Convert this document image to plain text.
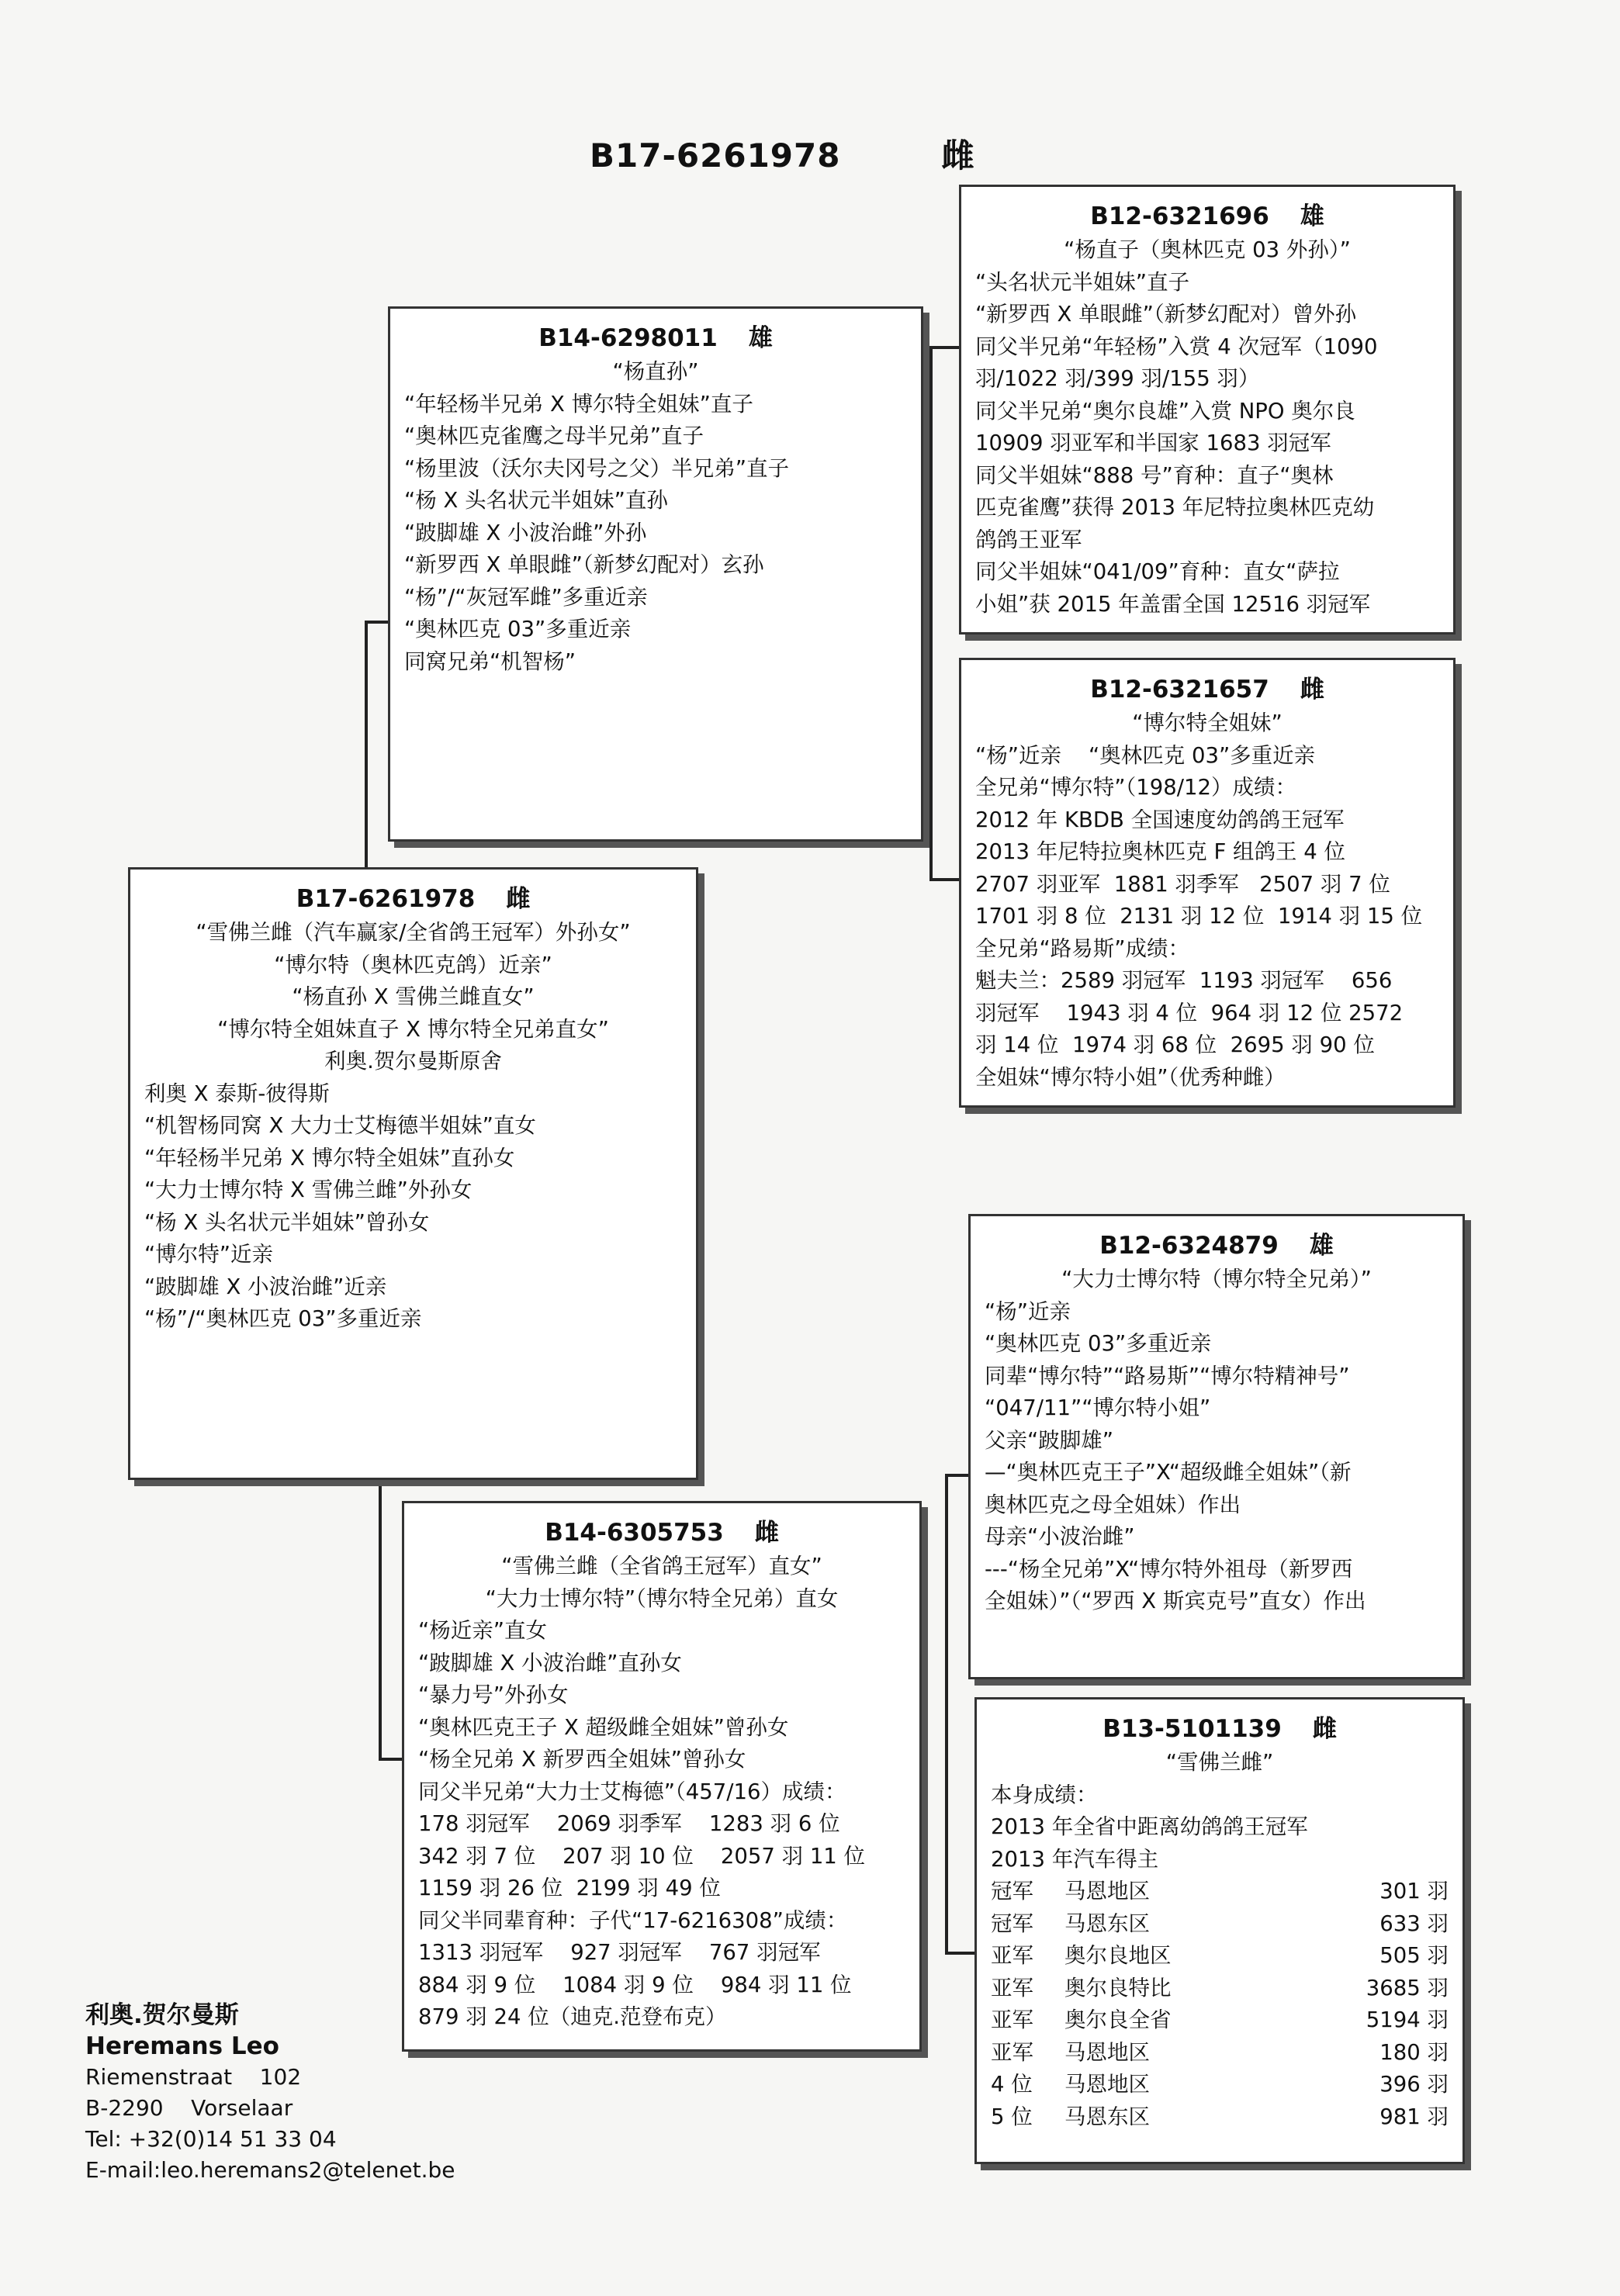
B17-6261978	雌
B14-6298011 雄
“杨直孙”
“年轻杨半兄弟 X 博尔特全姐妹”直子
“奥林匹克雀鹰之母半兄弟”直子
“杨里波（沃尔夫冈号之父）半兄弟”直子
“杨 X 头名状元半姐妹”直孙
“跛脚雄 X 小波治雌”外孙
“新罗西 X 单眼雌”（新梦幻配对）玄孙
“杨”/“灰冠军雌”多重近亲
“奥林匹克 03”多重近亲
同窝兄弟“机智杨”
B17-6261978 雌
“雪佛兰雌（汽车赢家/全省鸽王冠军）外孙女”
“博尔特（奥林匹克鸽）近亲”
“杨直孙 X 雪佛兰雌直女”
“博尔特全姐妹直子 X 博尔特全兄弟直女”
利奥.贺尔曼斯原舍
利奥 X 泰斯-彼得斯
“机智杨同窝 X 大力士艾梅德半姐妹”直女
“年轻杨半兄弟 X 博尔特全姐妹”直孙女
“大力士博尔特 X 雪佛兰雌”外孙女
“杨 X 头名状元半姐妹”曾孙女
“博尔特”近亲
“跛脚雄 X 小波治雌”近亲
“杨”/“奥林匹克 03”多重近亲
B14-6305753 雌
“雪佛兰雌（全省鸽王冠军）直女”
“大力士博尔特”（博尔特全兄弟）直女
“杨近亲”直女
“跛脚雄 X 小波治雌”直孙女
“暴力号”外孙女
“奥林匹克王子 X 超级雌全姐妹”曾孙女
“杨全兄弟 X 新罗西全姐妹”曾孙女
同父半兄弟“大力士艾梅德”（457/16）成绩：
178 羽冠军    2069 羽季军    1283 羽 6 位
342 羽 7 位    207 羽 10 位    2057 羽 11 位
1159 羽 26 位  2199 羽 49 位
同父半同辈育种：子代“17-6216308”成绩：
1313 羽冠军    927 羽冠军    767 羽冠军
884 羽 9 位    1084 羽 9 位    984 羽 11 位
879 羽 24 位（迪克.范登布克）
B12-6321696 雄
“杨直子（奥林匹克 03 外孙）”
“头名状元半姐妹”直子
“新罗西 X 单眼雌”（新梦幻配对）曾外孙
同父半兄弟“年轻杨”入赏 4 次冠军（1090
羽/1022 羽/399 羽/155 羽）
同父半兄弟“奥尔良雄”入赏 NPO 奥尔良
10909 羽亚军和半国家 1683 羽冠军
同父半姐妹“888 号”育种：直子“奥林
匹克雀鹰”获得 2013 年尼特拉奥林匹克幼
鸽鸽王亚军
同父半姐妹“041/09”育种：直女“萨拉
小姐”获 2015 年盖雷全国 12516 羽冠军
B12-6321657 雌
“博尔特全姐妹”
“杨”近亲    “奥林匹克 03”多重近亲
全兄弟“博尔特”（198/12）成绩：
2012 年 KBDB 全国速度幼鸽鸽王冠军
2013 年尼特拉奥林匹克 F 组鸽王 4 位
2707 羽亚军  1881 羽季军   2507 羽 7 位
1701 羽 8 位  2131 羽 12 位  1914 羽 15 位
全兄弟“路易斯”成绩：
魁夫兰：2589 羽冠军  1193 羽冠军    656
羽冠军    1943 羽 4 位  964 羽 12 位 2572
羽 14 位  1974 羽 68 位  2695 羽 90 位
全姐妹“博尔特小姐”（优秀种雌）
B12-6324879 雄
“大力士博尔特（博尔特全兄弟）”
“杨”近亲
“奥林匹克 03”多重近亲
同辈“博尔特”“路易斯”“博尔特精神号”
“047/11”“博尔特小姐”
父亲“跛脚雄”
—“奥林匹克王子”X“超级雌全姐妹”（新
奥林匹克之母全姐妹）作出
母亲“小波治雌”
---“杨全兄弟”X“博尔特外祖母（新罗西
全姐妹）”（“罗西 X 斯宾克号”直女）作出
B13-5101139 雌
“雪佛兰雌”
本身成绩：
2013 年全省中距离幼鸽鸽王冠军
2013 年汽车得主
冠军	马恩地区	301 羽
冠军	马恩东区	633 羽
亚军	奥尔良地区	505 羽
亚军	奥尔良特比	3685 羽
亚军	奥尔良全省	5194 羽
亚军	马恩地区	180 羽
4 位	马恩地区	396 羽
5 位	马恩东区	981 羽
利奥.贺尔曼斯
Heremans Leo
Riemenstraat    102
B-2290    Vorselaar
Tel: +32(0)14 51 33 04
E-mail:leo.heremans2@telenet.be
